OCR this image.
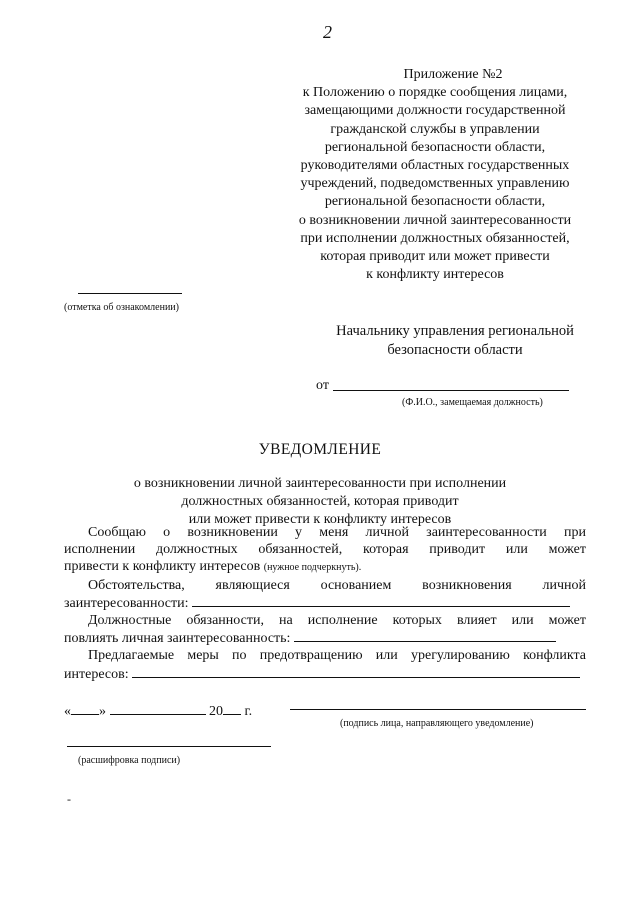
2
Приложение №2
к Положению о порядке сообщения лицами,
замещающими должности государственной
гражданской службы в управлении
региональной безопасности области,
руководителями областных государственных
учреждений, подведомственных управлению
региональной безопасности области,
о возникновении личной заинтересованности
при исполнении должностных обязанностей,
которая приводит или может привести
к конфликту интересов
(отметка об ознакомлении)
Начальнику управления региональной
безопасности области
от
(Ф.И.О., замещаемая должность)
УВЕДОМЛЕНИЕ

о возникновении личной заинтересованности при исполнении
должностных обязанностей, которая приводит
или может привести к конфликту интересов
Сообщаю о возникновении у меня личной заинтересованности при
исполнении должностных обязанностей, которая приводит или может
привести к конфликту интересов (нужное подчеркнуть).
Обстоятельства, являющиеся основанием возникновения личной
заинтересованности:
Должностные обязанности, на исполнение которых влияет или может
повлиять личная заинтересованность:
Предлагаемые меры по предотвращению или урегулированию конфликта
интересов:
« »	20 г.
(подпись лица, направляющего уведомление)
(расшифровка подписи)
-
